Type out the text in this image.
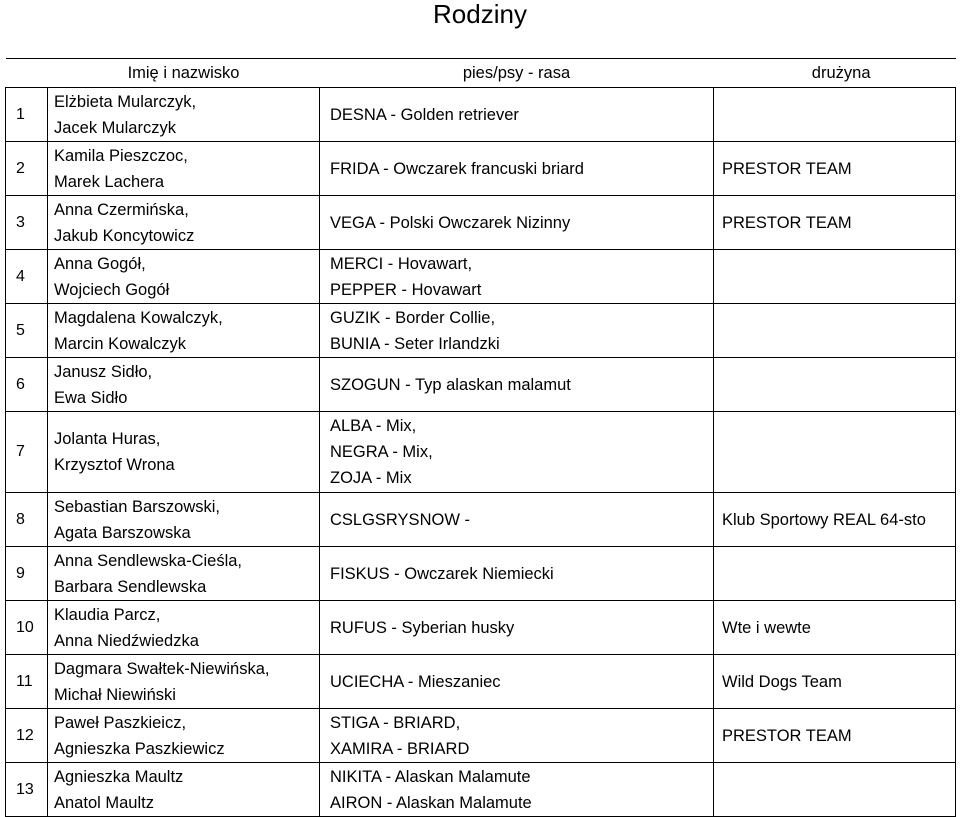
Rodziny
	Imię i nazwisko	pies/psy - rasa	drużyna
1	Elżbieta Mularczyk,
Jacek Mularczyk	DESNA - Golden retriever	

2	Kamila Pieszczoc,
Marek Lachera	FRIDA - Owczarek francuski briard	PRESTOR TEAM
3	Anna Czermińska,
Jakub Koncytowicz	VEGA - Polski Owczarek Nizinny	PRESTOR TEAM
4	Anna Gogół,
Wojciech Gogół	MERCI - Hovawart,
PEPPER - Hovawart	

5	Magdalena Kowalczyk,
Marcin Kowalczyk	GUZIK - Border Collie,
BUNIA - Seter Irlandzki	

6	Janusz Sidło,
Ewa Sidło	SZOGUN - Typ alaskan malamut	

7	Jolanta Huras,
Krzysztof Wrona	ALBA - Mix,
NEGRA - Mix,
ZOJA - Mix	

8	Sebastian Barszowski,
Agata Barszowska	CSLGSRYSNOW -	Klub Sportowy REAL 64-sto
9	Anna Sendlewska-Cieśla,
Barbara Sendlewska	FISKUS - Owczarek Niemiecki	

10	Klaudia Parcz,
Anna Niedźwiedzka	RUFUS - Syberian husky	Wte i wewte
11	Dagmara Swałtek-Niewińska,
Michał Niewiński	UCIECHA - Mieszaniec	Wild Dogs Team
12	Paweł Paszkieicz,
Agnieszka Paszkiewicz	STIGA - BRIARD,
XAMIRA - BRIARD	PRESTOR TEAM
13	Agnieszka Maultz
Anatol Maultz	NIKITA - Alaskan Malamute
AIRON - Alaskan Malamute	
